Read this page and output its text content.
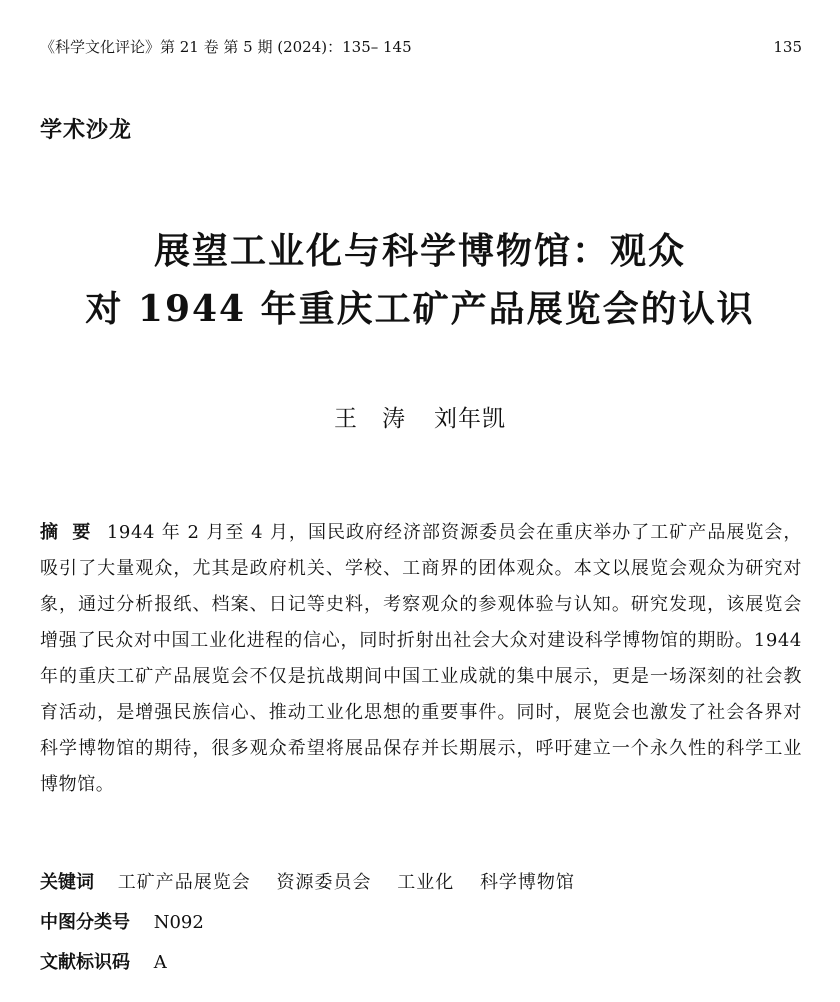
《科学文化评论》第 21 卷 第 5 期 (2024)：135– 145	135
学术沙龙
展望工业化与科学博物馆：观众
对 1944 年重庆工矿产品展览会的认识
王　涛 刘年凯
摘要 1944 年 2 月至 4 月，国民政府经济部资源委员会在重庆举办了工矿产品展览会，吸引了大量观众，尤其是政府机关、学校、工商界的团体观众。本文以展览会观众为研究对象，通过分析报纸、档案、日记等史料，考察观众的参观体验与认知。研究发现，该展览会增强了民众对中国工业化进程的信心，同时折射出社会大众对建设科学博物馆的期盼。1944 年的重庆工矿产品展览会不仅是抗战期间中国工业成就的集中展示，更是一场深刻的社会教育活动，是增强民族信心、推动工业化思想的重要事件。同时，展览会也激发了社会各界对科学博物馆的期待，很多观众希望将展品保存并长期展示，呼吁建立一个永久性的科学工业博物馆。
关键词 工矿产品展览会 资源委员会 工业化 科学博物馆
中图分类号 N092
文献标识码 A
